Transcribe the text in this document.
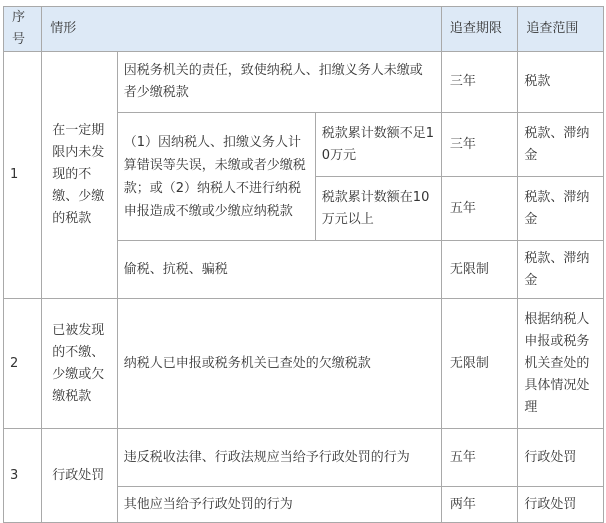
序号	情形			追查期限	追查范围
1	在一定期限内未发现的不缴、少缴的税款	因税务机关的责任，致使纳税人、扣缴义务人未缴或者少缴税款		三年	税款
		（1）因纳税人、扣缴义务人计算错误等失误，未缴或者少缴税款；或（2）纳税人不进行纳税申报造成不缴或少缴应纳税款	税款累计数额不足10万元	三年	税款、滞纳金
			税款累计数额在10万元以上	五年	税款、滞纳金
		偷税、抗税、骗税		无限制	税款、滞纳金
2	已被发现的不缴、少缴或欠缴税款	纳税人已申报或税务机关已查处的欠缴税款		无限制	根据纳税人申报或税务机关查处的具体情况处理
3	行政处罚	违反税收法律、行政法规应当给予行政处罚的行为		五年	行政处罚
		其他应当给予行政处罚的行为		两年	行政处罚
